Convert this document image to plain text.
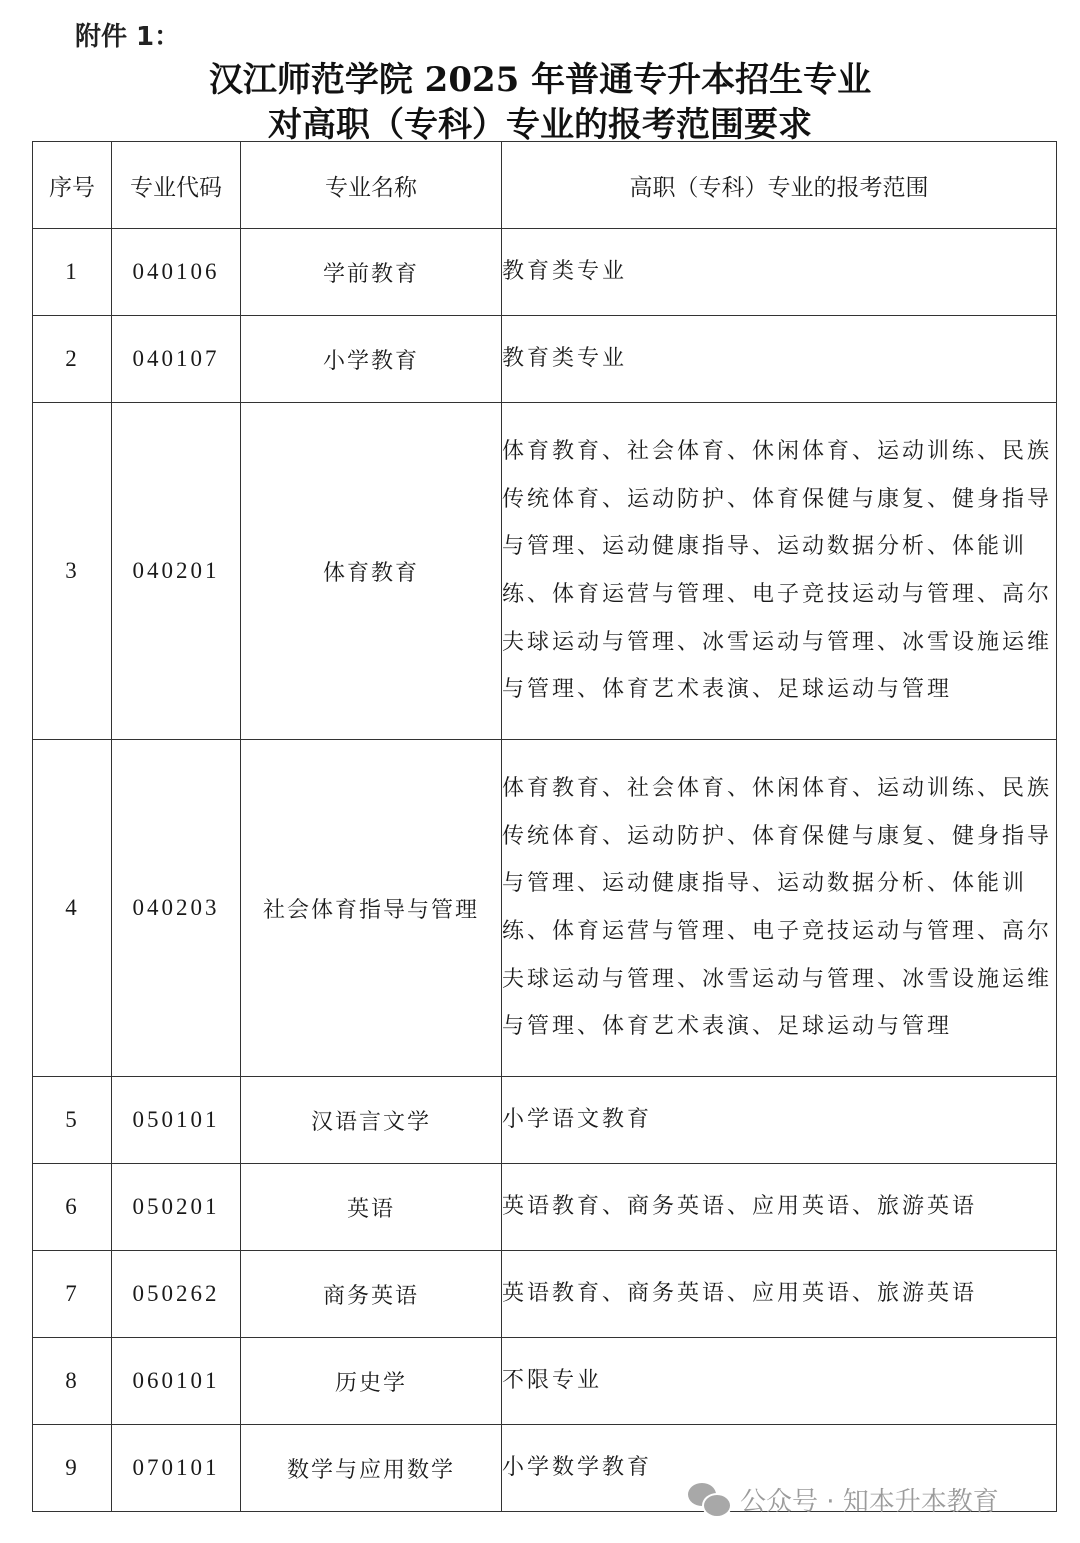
附件 1：
汉江师范学院 2025 年普通专升本招生专业
对高职（专科）专业的报考范围要求
序号	专业代码	专业名称	高职（专科）专业的报考范围
1	040106	学前教育	教育类专业
2	040107	小学教育	教育类专业
3	040201	体育教育	体育教育、社会体育、休闲体育、运动训练、民族传统体育、运动防护、体育保健与康复、健身指导与管理、运动健康指导、运动数据分析、体能训练、体育运营与管理、电子竞技运动与管理、高尔夫球运动与管理、冰雪运动与管理、冰雪设施运维与管理、体育艺术表演、足球运动与管理
4	040203	社会体育指导与管理	体育教育、社会体育、休闲体育、运动训练、民族传统体育、运动防护、体育保健与康复、健身指导与管理、运动健康指导、运动数据分析、体能训练、体育运营与管理、电子竞技运动与管理、高尔夫球运动与管理、冰雪运动与管理、冰雪设施运维与管理、体育艺术表演、足球运动与管理
5	050101	汉语言文学	小学语文教育
6	050201	英语	英语教育、商务英语、应用英语、旅游英语
7	050262	商务英语	英语教育、商务英语、应用英语、旅游英语
8	060101	历史学	不限专业
9	070101	数学与应用数学	小学数学教育
公众号 · 知本升本教育
